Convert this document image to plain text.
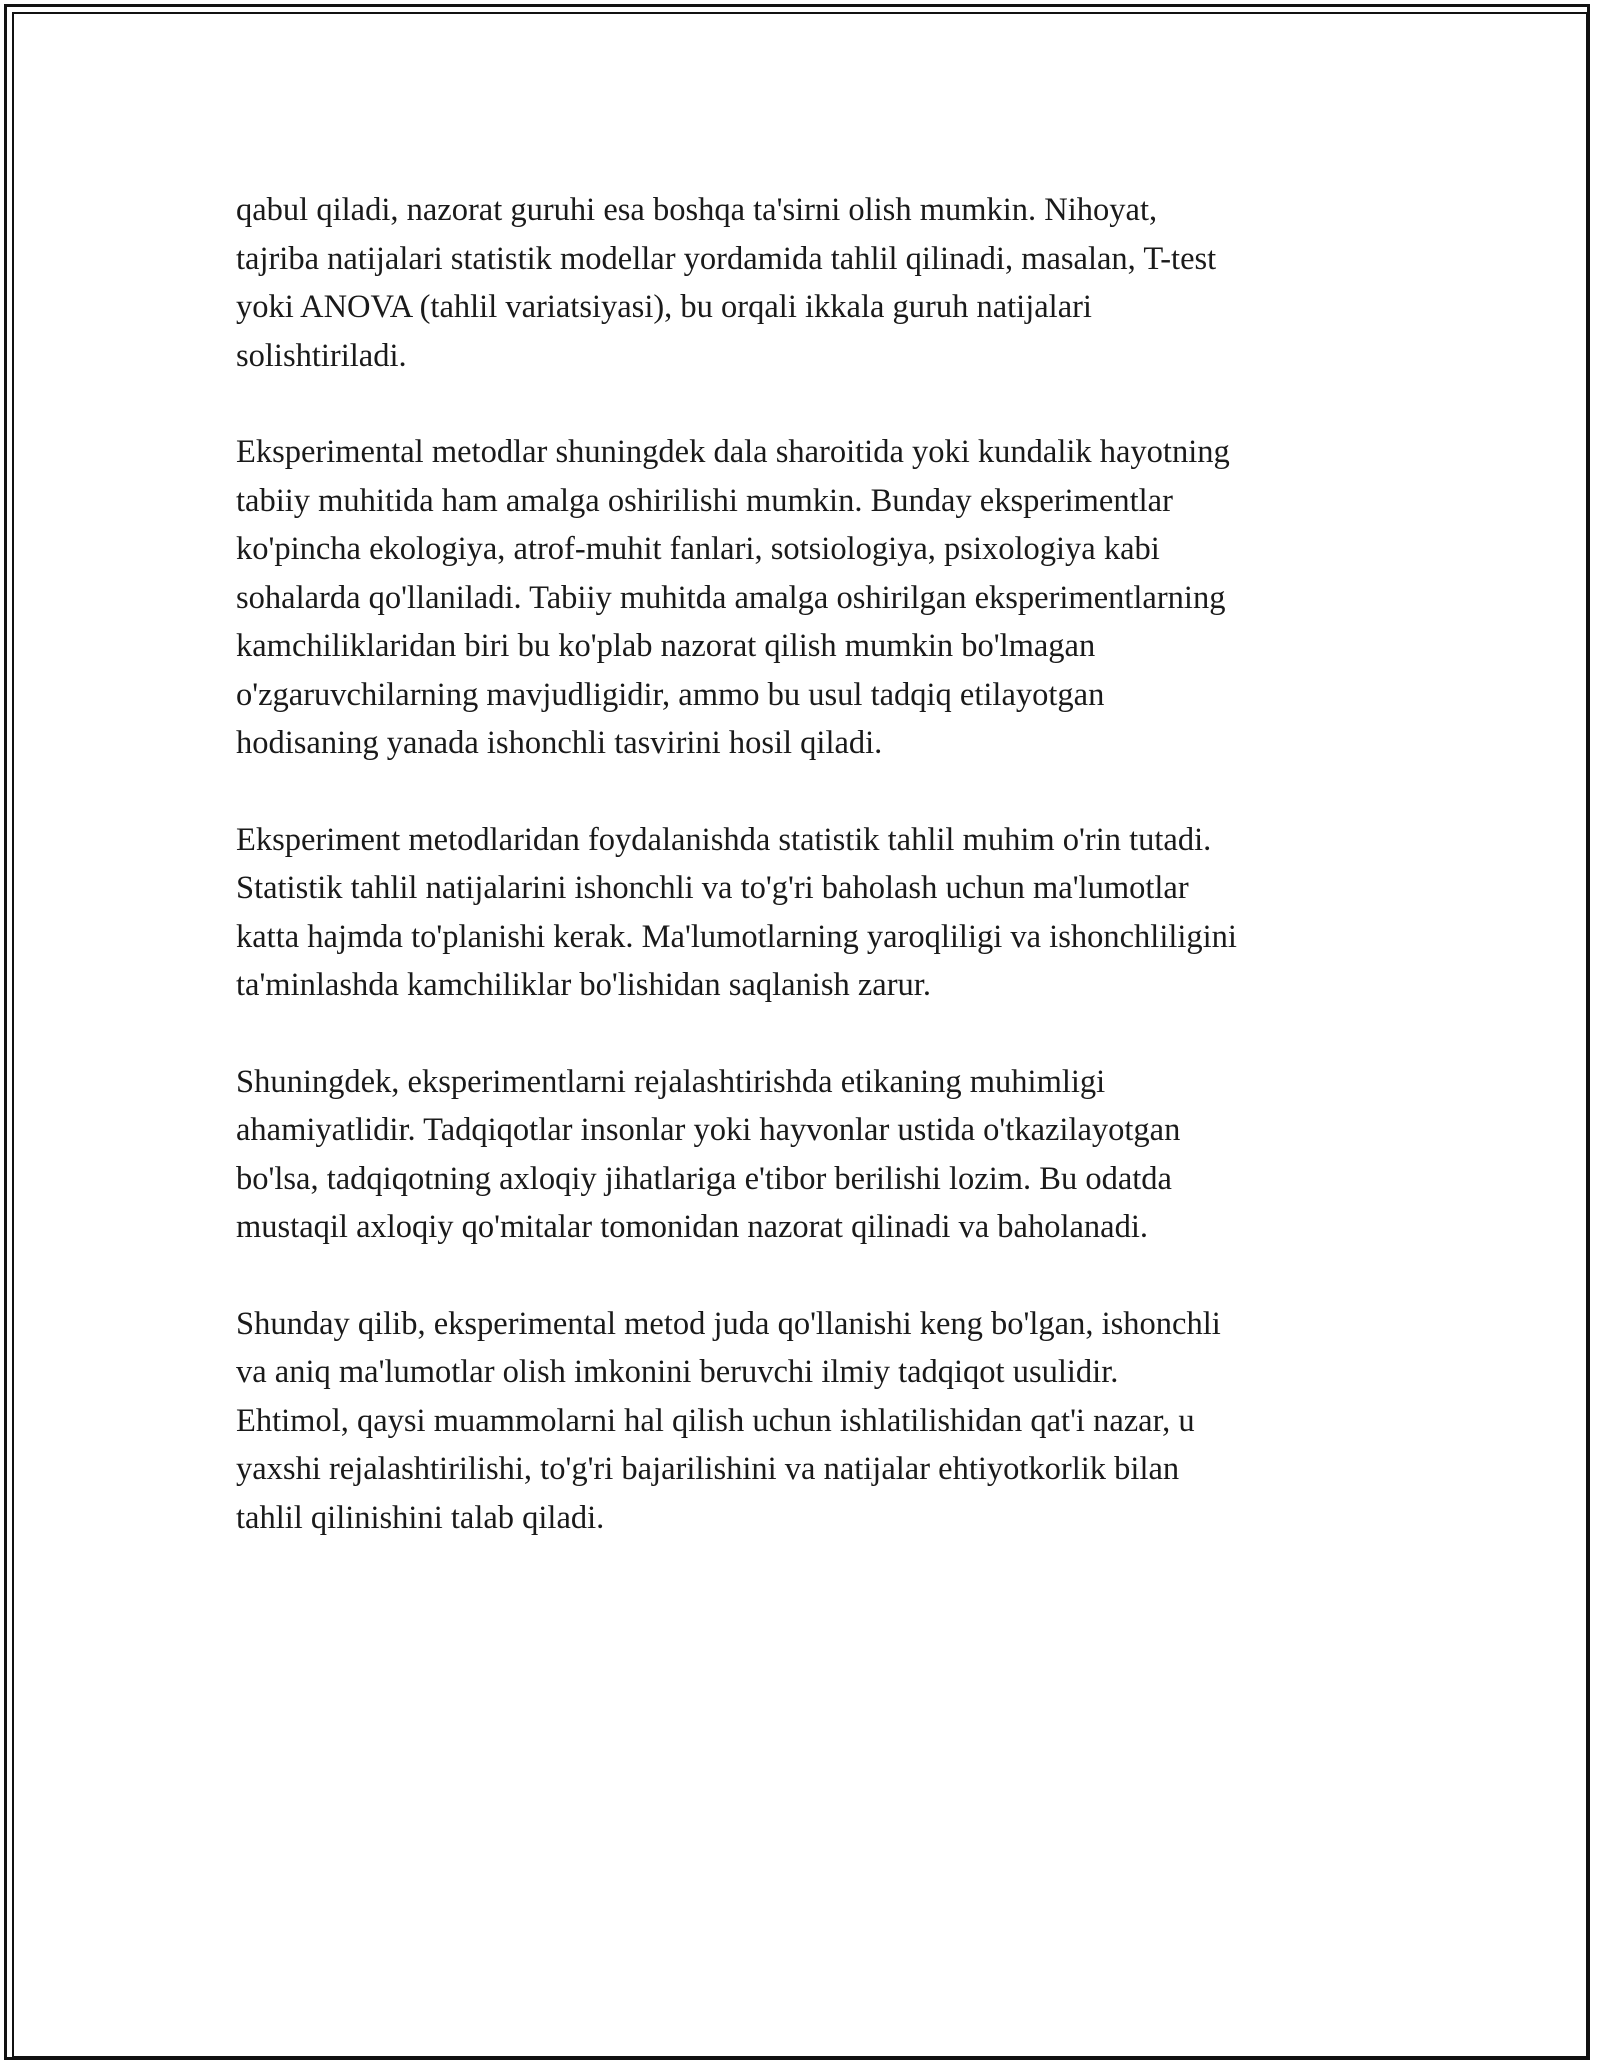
qabul qiladi, nazorat guruhi esa boshqa ta'sirni olish mumkin. Nihoyat,
tajriba natijalari statistik modellar yordamida tahlil qilinadi, masalan, T-test
yoki ANOVA (tahlil variatsiyasi), bu orqali ikkala guruh natijalari
solishtiriladi.

Eksperimental metodlar shuningdek dala sharoitida yoki kundalik hayotning
tabiiy muhitida ham amalga oshirilishi mumkin. Bunday eksperimentlar
ko'pincha ekologiya, atrof-muhit fanlari, sotsiologiya, psixologiya kabi
sohalarda qo'llaniladi. Tabiiy muhitda amalga oshirilgan eksperimentlarning
kamchiliklaridan biri bu ko'plab nazorat qilish mumkin bo'lmagan
o'zgaruvchilarning mavjudligidir, ammo bu usul tadqiq etilayotgan
hodisaning yanada ishonchli tasvirini hosil qiladi.

Eksperiment metodlaridan foydalanishda statistik tahlil muhim o'rin tutadi.
Statistik tahlil natijalarini ishonchli va to'g'ri baholash uchun ma'lumotlar
katta hajmda to'planishi kerak. Ma'lumotlarning yaroqliligi va ishonchliligini
ta'minlashda kamchiliklar bo'lishidan saqlanish zarur.

Shuningdek, eksperimentlarni rejalashtirishda etikaning muhimligi
ahamiyatlidir. Tadqiqotlar insonlar yoki hayvonlar ustida o'tkazilayotgan
bo'lsa, tadqiqotning axloqiy jihatlariga e'tibor berilishi lozim. Bu odatda
mustaqil axloqiy qo'mitalar tomonidan nazorat qilinadi va baholanadi.

Shunday qilib, eksperimental metod juda qo'llanishi keng bo'lgan, ishonchli
va aniq ma'lumotlar olish imkonini beruvchi ilmiy tadqiqot usulidir.
Ehtimol, qaysi muammolarni hal qilish uchun ishlatilishidan qat'i nazar, u
yaxshi rejalashtirilishi, to'g'ri bajarilishini va natijalar ehtiyotkorlik bilan
tahlil qilinishini talab qiladi.
